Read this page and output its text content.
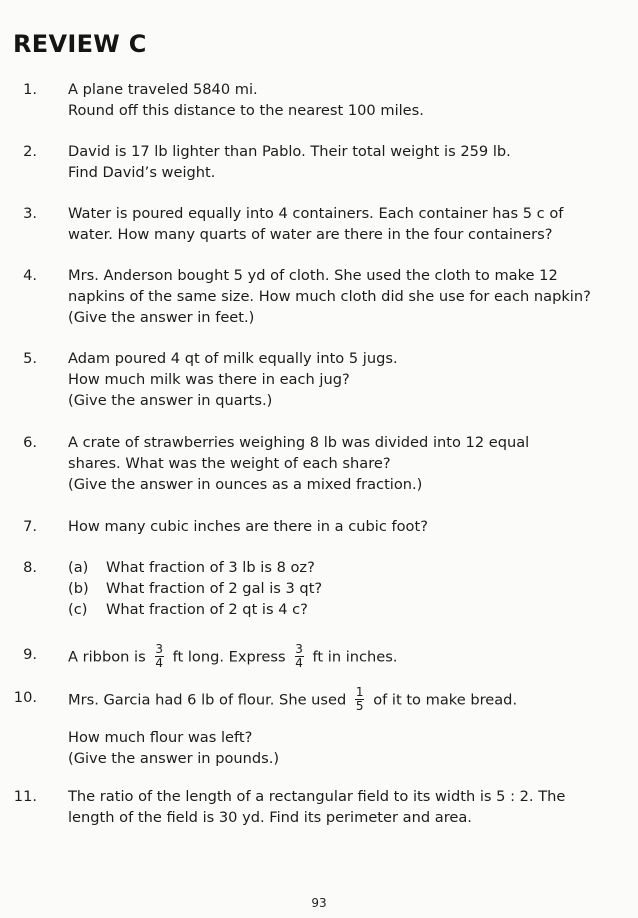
REVIEW C
1. A plane traveled 5840 mi.

Round off this distance to the nearest 100 miles.

2. David is 17 lb lighter than Pablo. Their total weight is 259 lb.

Find David’s weight.

3. Water is poured equally into 4 containers. Each container has 5 c of

water. How many quarts of water are there in the four containers?

4. Mrs. Anderson bought 5 yd of cloth. She used the cloth to make 12

napkins of the same size. How much cloth did she use for each napkin?

(Give the answer in feet.)

5. Adam poured 4 qt of milk equally into 5 jugs.

How much milk was there in each jug?

(Give the answer in quarts.)

6. A crate of strawberries weighing 8 lb was divided into 12 equal

shares. What was the weight of each share?

(Give the answer in ounces as a mixed fraction.)

7. How many cubic inches are there in a cubic foot?

8. (a) What fraction of 3 lb is 8 oz?

(b) What fraction of 2 gal is 3 qt?

(c) What fraction of 2 qt is 4 c?

9. A ribbon is $\frac{3}{4}$ ft long. Express $\frac{3}{4}$ ft in inches.

10. Mrs. Garcia had 6 lb of flour. She used $\frac{1}{5}$ of it to make bread.

How much flour was left?

(Give the answer in pounds.)

11. The ratio of the length of a rectangular field to its width is 5 : 2. The

length of the field is 30 yd. Find its perimeter and area.

93
